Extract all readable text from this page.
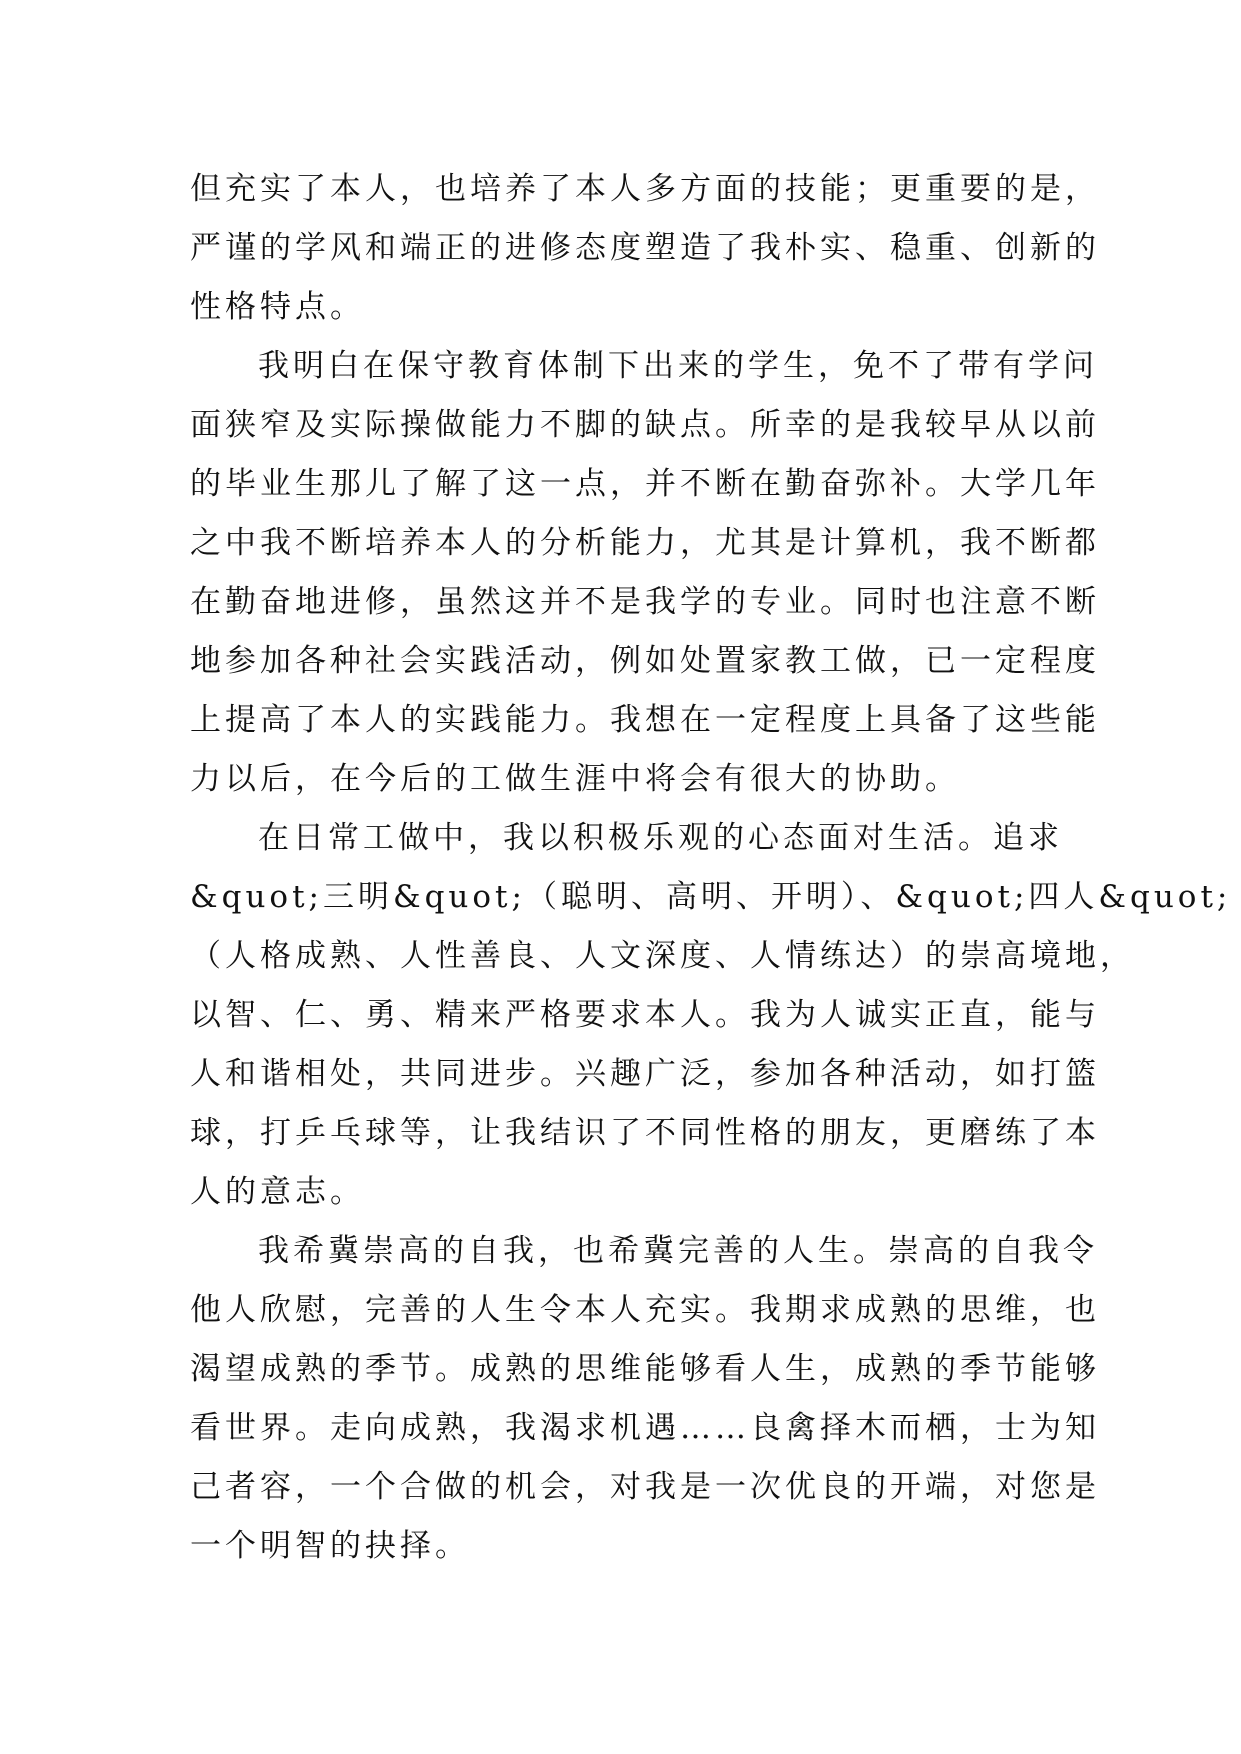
但充实了本人，也培养了本人多方面的技能；更重要的是，
严谨的学风和端正的进修态度塑造了我朴实、稳重、创新的
性格特点。
我明白在保守教育体制下出来的学生，免不了带有学问
面狭窄及实际操做能力不脚的缺点。所幸的是我较早从以前
的毕业生那儿了解了这一点，并不断在勤奋弥补。大学几年
之中我不断培养本人的分析能力，尤其是计算机，我不断都
在勤奋地进修，虽然这并不是我学的专业。同时也注意不断
地参加各种社会实践活动，例如处置家教工做，已一定程度
上提高了本人的实践能力。我想在一定程度上具备了这些能
力以后，在今后的工做生涯中将会有很大的协助。
在日常工做中，我以积极乐观的心态面对生活。追求
&quot;三明&quot;（聪明、高明、开明）、&quot;四人&quot;
（人格成熟、人性善良、人文深度、人情练达）的崇高境地，
以智、仁、勇、精来严格要求本人。我为人诚实正直，能与
人和谐相处，共同进步。兴趣广泛，参加各种活动，如打篮
球，打乒乓球等，让我结识了不同性格的朋友，更磨练了本
人的意志。
我希冀崇高的自我，也希冀完善的人生。崇高的自我令
他人欣慰，完善的人生令本人充实。我期求成熟的思维，也
渴望成熟的季节。成熟的思维能够看人生，成熟的季节能够
看世界。走向成熟，我渴求机遇……良禽择木而栖，士为知
己者容，一个合做的机会，对我是一次优良的开端，对您是
一个明智的抉择。
